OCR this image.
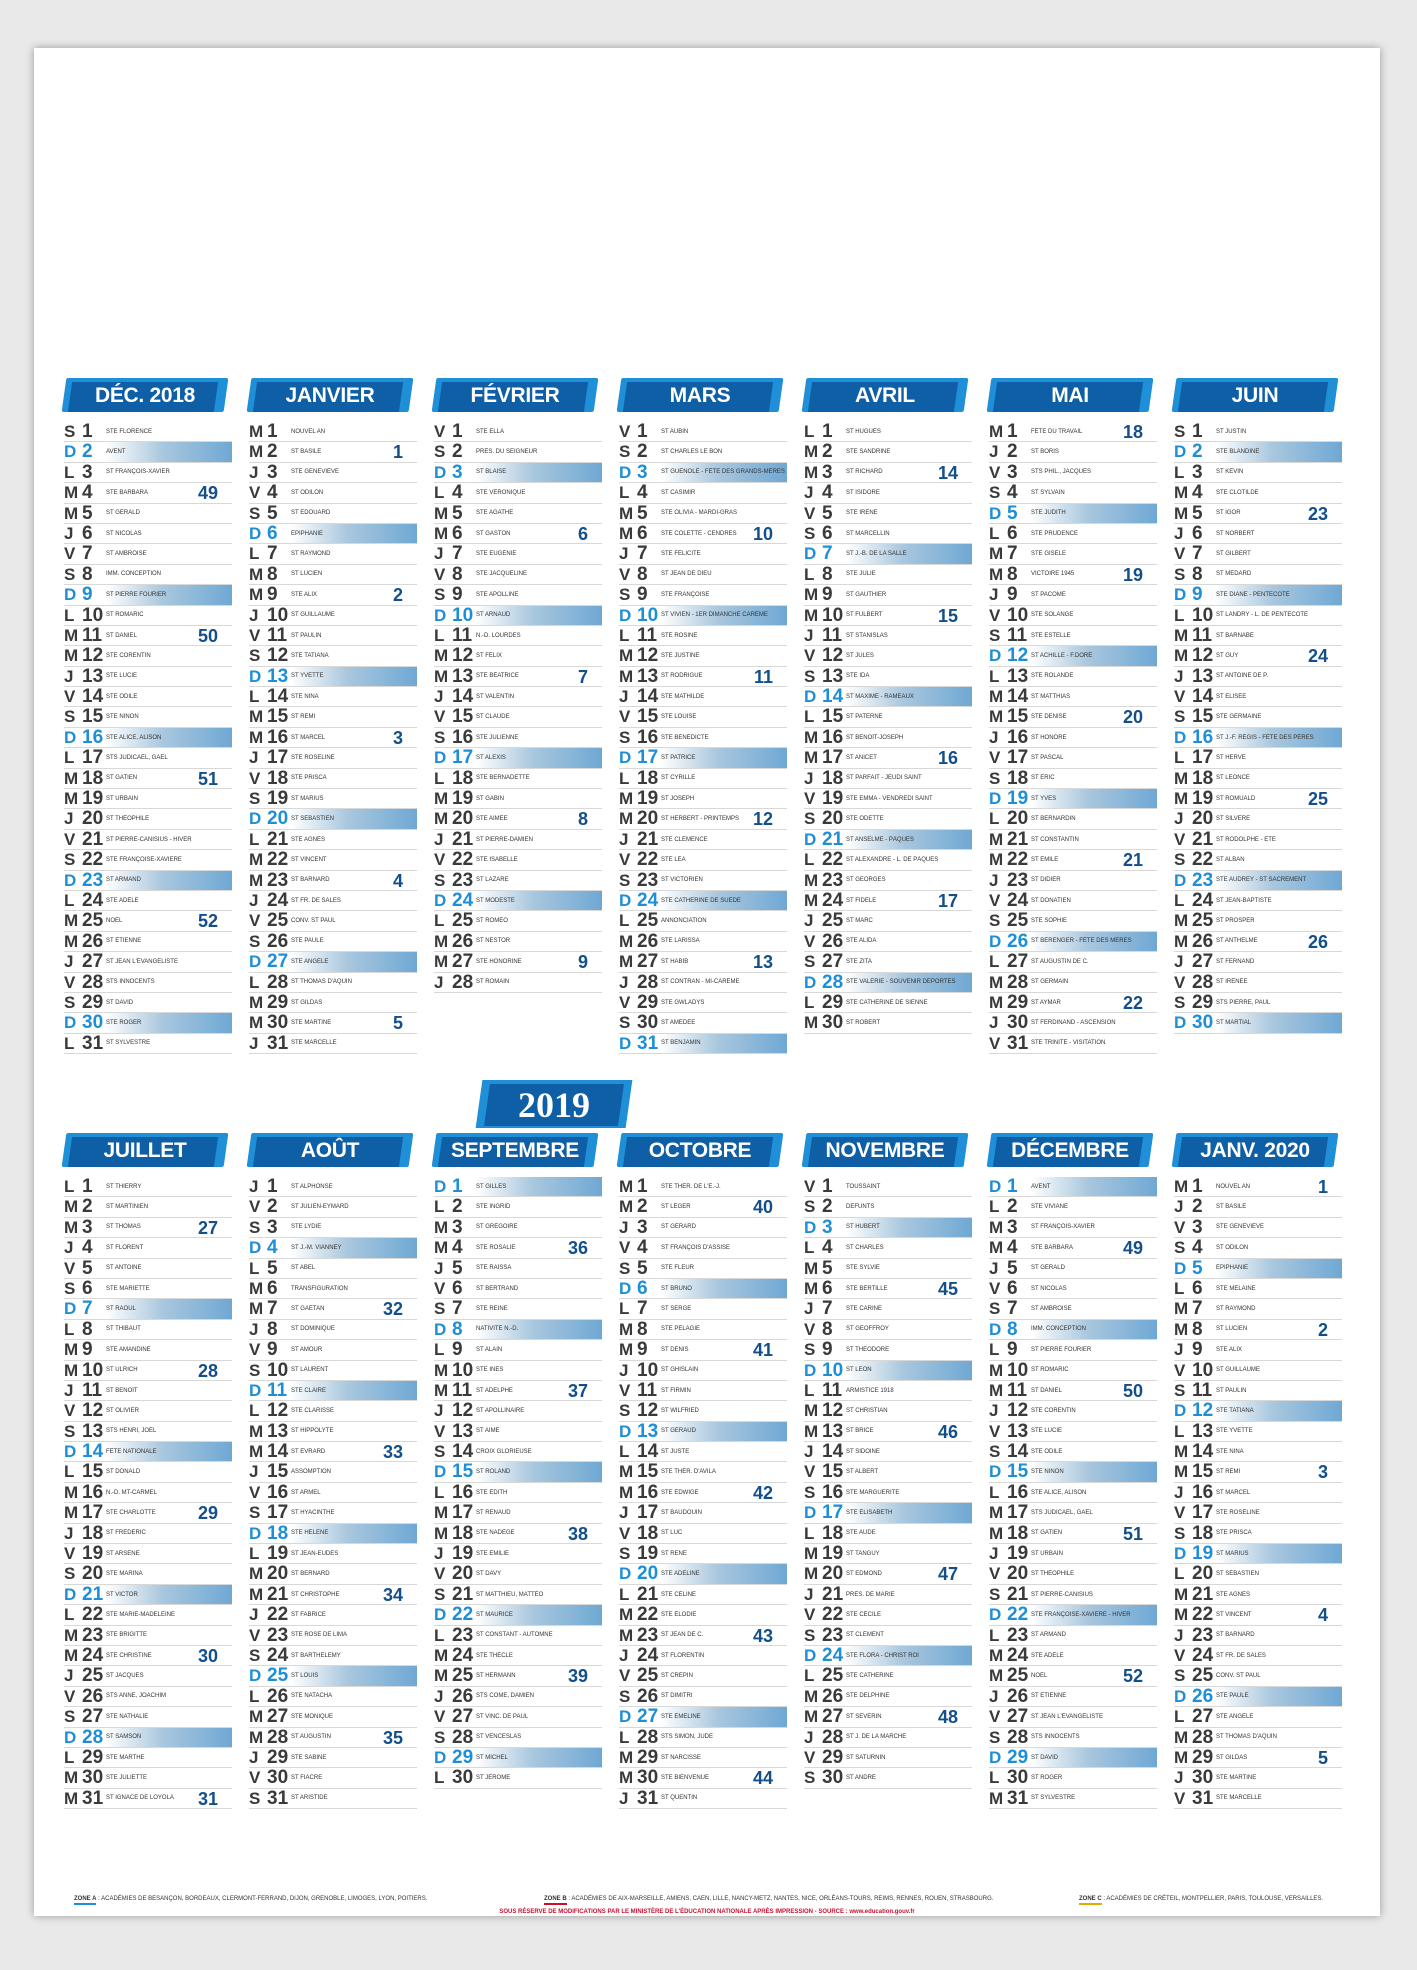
DÉC. 2018
S 1	STE FLORENCE
D 2	AVENT
L 3	ST FRANÇOIS-XAVIER
M 4	STE BARBARA	49
M 5	ST GÉRALD
J 6	ST NICOLAS
V 7	ST AMBROISE
S 8	IMM. CONCEPTION
D 9	ST PIERRE FOURIER
L 10 ST ROMARIC
M 11 ST DANIEL	50
M 12 STE CORENTIN
J 13 STE LUCIE
V 14 STE ODILE
S 15 STE NINON
D 16 STE ALICE, ALISON
L 17 STS JUDICAËL, GAËL
M 18 ST GATIEN	51
M 19 ST URBAIN
J 20 ST THÉOPHILE
V 21 ST PIERRE-CANISIUS - HIVER
S 22 STE FRANÇOISE-XAVIERE
D 23 ST ARMAND
L 24 STE ADÈLE
M 25 NOËL	52
M 26 ST ÉTIENNE
J 27 ST JEAN L'ÉVANGÉLISTE
V 28 STS INNOCENTS
S 29 ST DAVID
D 30 STE ROGER
L 31 ST SYLVESTRE
JANVIER
M 1	NOUVEL AN
M 2	ST BASILE	1
J 3	STE GENEVIÈVE
V 4	ST ODILON
S 5	ST ÉDOUARD
D 6	ÉPIPHANIE
L 7	ST RAYMOND
M 8	ST LUCIEN
M 9	STE ALIX	2
J 10 ST GUILLAUME
V 11 ST PAULIN
S 12 STE TATIANA
D 13 ST YVETTE
L 14 STE NINA
M 15 ST RÉMI
M 16 ST MARCEL	3
J 17 STE ROSELINE
V 18 STE PRISCA
S 19 ST MARIUS
D 20 ST SÉBASTIEN
L 21 STE AGNÈS
M 22 ST VINCENT
M 23 ST BARNARD	4
J 24 ST FR. DE SALES
V 25 CONV. ST PAUL
S 26 STE PAULE
D 27 STE ANGÈLE
L 28 ST THOMAS D'AQUIN
M 29 ST GILDAS
M 30 STE MARTINE	5
J 31 STE MARCELLE
FÉVRIER
V 1	STE ELLA
S 2	PRÉS. DU SEIGNEUR
D 3	ST BLAISE
L 4	STE VÉRONIQUE
M 5	STE AGATHE
M 6	ST GASTON	6
J 7	STE EUGÉNIE
V 8	STE JACQUELINE
S 9	STE APOLLINE
D 10 ST ARNAUD
L 11 N.-D. LOURDES
M 12 ST FÉLIX
M 13 STE BÉATRICE	7
J 14 ST VALENTIN
V 15 ST CLAUDE
S 16 STE JULIENNE
D 17 ST ALEXIS
L 18 STE BERNADETTE
M 19 ST GABIN
M 20 STE AIMÉE	8
J 21 ST PIERRE-DAMIEN
V 22 STE ISABELLE
S 23 ST LAZARE
D 24 ST MODESTE
L 25 ST ROMÉO
M 26 ST NESTOR
M 27 STE HONORINE	9
J 28 ST ROMAIN
MARS
V 1	ST AUBIN
S 2	ST CHARLES LE BON
D 3	ST GUÉNOLÉ - FÊTE DES GRANDS-MÈRES
L 4	ST CASIMIR
M 5	STE OLIVIA - MARDI-GRAS
M 6	STE COLETTE - CENDRES 10
J 7	STE FÉLICITÉ
V 8	ST JEAN DE DIEU
S 9	STE FRANÇOISE
D 10 ST VIVIEN - 1ER DIMANCHE CARÊME
L 11 STE ROSINE
M 12 STE JUSTINE
M 13 ST RODRIGUE	11
J 14 STE MATHILDE
V 15 STE LOUISE
S 16 STE BÉNÉDICTE
D 17 ST PATRICE
L 18 ST CYRILLE
M 19 ST JOSEPH
M 20 ST HERBERT - PRINTEMPS 12
J 21 STE CLÉMENCE
V 22 STE LÉA
S 23 ST VICTORIEN
D 24 STE CATHERINE DE SUÈDE
L 25 ANNONCIATION
M 26 STE LARISSA
M 27 ST HABIB	13
J 28 ST CONTRAN - MI-CARÊME
V 29 STE GWLADYS
S 30 ST AMÉDÉE
D 31 ST BENJAMIN
AVRIL
L 1	ST HUGUES
M 2	STE SANDRINE
M 3	ST RICHARD	14
J 4	ST ISIDORE
V 5	STE IRÈNE
S 6	ST MARCELLIN
D 7	ST J.-B. DE LA SALLE
L 8	STE JULIE
M 9	ST GAUTHIER
M 10 ST FULBERT	15
J 11 ST STANISLAS
V 12 ST JULES
S 13 STE IDA
D 14 ST MAXIME - RAMEAUX
L 15 ST PATERNE
M 16 ST BENOÎT-JOSEPH
M 17 ST ANICET	16
J 18 ST PARFAIT - JEUDI SAINT
V 19 STE EMMA - VENDREDI SAINT
S 20 STE ODETTE
D 21 ST ANSELME - PÂQUES
L 22 ST ALEXANDRE - L. DE PÂQUES
M 23 ST GEORGES
M 24 ST FIDÈLE	17
J 25 ST MARC
V 26 STE ALIDA
S 27 STE ZITA
D 28 STE VALÉRIE - SOUVENIR DÉPORTÉS
L 29 STE CATHERINE DE SIENNE
M 30 ST ROBERT
MAI
M 1	FÊTE DU TRAVAIL	18
J 2	ST BORIS
V 3	STS PHIL., JACQUES
S 4	ST SYLVAIN
D 5	STE JUDITH
L 6	STE PRUDENCE
M 7	STE GISÈLE
M 8	VICTOIRE 1945	19
J 9	ST PACÔME
V 10 STE SOLANGE
S 11 STE ESTELLE
D 12 ST ACHILLE - F.DORÉ
L 13 STE ROLANDE
M 14 ST MATTHIAS
M 15 STE DENISE	20
J 16 ST HONORÉ
V 17 ST PASCAL
S 18 ST ÉRIC
D 19 ST YVES
L 20 ST BERNARDIN
M 21 ST CONSTANTIN
M 22 ST ÉMILE	21
J 23 ST DIDIER
V 24 ST DONATIEN
S 25 STE SOPHIE
D 26 ST BÉRENGER - FÊTE DES MÈRES
L 27 ST AUGUSTIN DE C.
M 28 ST GERMAIN
M 29 ST AYMAR	22
J 30 ST FERDINAND - ASCENSION
V 31 STE TRINITÉ - VISITATION
JUIN
S 1	ST JUSTIN
D 2	STE BLANDINE
L 3	ST KÉVIN
M 4	STE CLOTILDE
M 5	ST IGOR	23
J 6	ST NORBERT
V 7	ST GILBERT
S 8	ST MÉDARD
D 9	STE DIANE - PENTECÔTE
L 10 ST LANDRY - L. DE PENTECÔTE
M 11 ST BARNABÉ
M 12 ST GUY	24
J 13 ST ANTOINE DE P.
V 14 ST ÉLISÉE
S 15 STE GERMAINE
D 16 ST J.-F. RÉGIS - FÊTE DES PÈRES
L 17 ST HERVÉ
M 18 ST LÉONCE
M 19 ST ROMUALD	25
J 20 ST SILVÈRE
V 21 ST RODOLPHE - ÉTÉ
S 22 ST ALBAN
D 23 STE AUDREY - ST SACREMENT
L 24 ST JEAN-BAPTISTE
M 25 ST PROSPER
M 26 ST ANTHELME	26
J 27 ST FERNAND
V 28 ST IRÉNÉE
S 29 STS PIERRE, PAUL
D 30 ST MARTIAL
JUILLET
L 1	ST THIERRY
M 2	ST MARTINIEN
M 3	ST THOMAS	27
J 4	ST FLORENT
V 5	ST ANTOINE
S 6	STE MARIETTE
D 7	ST RAOUL
L 8	ST THIBAUT
M 9	STE AMANDINE
M 10 ST ULRICH	28
J 11 ST BENOÎT
V 12 ST OLIVIER
S 13 STS HENRI, JOËL
D 14 FÊTE NATIONALE
L 15 ST DONALD
M 16 N.-D. MT-CARMEL
M 17 STE CHARLOTTE	29
J 18 ST FRÉDÉRIC
V 19 ST ARSÈNE
S 20 STE MARINA
D 21 ST VICTOR
L 22 STE MARIE-MADELEINE
M 23 STE BRIGITTE
M 24 STE CHRISTINE	30
J 25 ST JACQUES
V 26 STS ANNE, JOACHIM
S 27 STE NATHALIE
D 28 ST SAMSON
L 29 STE MARTHE
M 30 STE JULIETTE
M 31 ST IGNACE DE LOYOLA	31
AOÛT
J 1	ST ALPHONSE
V 2	ST JULIEN-EYMARD
S 3	STE LYDIE
D 4	ST J.-M. VIANNEY
L 5	ST ABEL
M 6	TRANSFIGURATION
M 7	ST GAËTAN	32
J 8	ST DOMINIQUE
V 9	ST AMOUR
S 10 ST LAURENT
D 11 STE CLAIRE
L 12 STE CLARISSE
M 13 ST HIPPOLYTE
M 14 ST ÉVRARD	33
J 15 ASSOMPTION
V 16 ST ARMEL
S 17 ST HYACINTHE
D 18 STE HÉLÈNE
L 19 ST JEAN-EUDES
M 20 ST BERNARD
M 21 ST CHRISTOPHE	34
J 22 ST FABRICE
V 23 STE ROSE DE LIMA
S 24 ST BARTHÉLEMY
D 25 ST LOUIS
L 26 STE NATACHA
M 27 STE MONIQUE
M 28 ST AUGUSTIN	35
J 29 STE SABINE
V 30 ST FIACRE
S 31 ST ARISTIDE
SEPTEMBRE
D 1	ST GILLES
L 2	STE INGRID
M 3	ST GRÉGOIRE
M 4	STE ROSALIE	36
J 5	STE RAÏSSA
V 6	ST BERTRAND
S 7	STE REINE
D 8	NATIVITÉ N.-D.
L 9	ST ALAIN
M 10 STE INÈS
M 11 ST ADELPHE	37
J 12 ST APOLLINAIRE
V 13 ST AIMÉ
S 14 CROIX GLORIEUSE
D 15 ST ROLAND
L 16 STE ÉDITH
M 17 ST RENAUD
M 18 STE NADÈGE	38
J 19 STE ÉMILIE
V 20 ST DAVY
S 21 ST MATTHIEU, MATTÉO
D 22 ST MAURICE
L 23 ST CONSTANT - AUTOMNE
M 24 STE THÈCLE
M 25 ST HERMANN	39
J 26 STS CÔME, DAMIEN
V 27 ST VINC. DE PAUL
S 28 ST VENCESLAS
D 29 ST MICHEL
L 30 ST JÉRÔME
OCTOBRE
M 1	STE THÉR. DE L'E.-J.
M 2	ST LÉGER	40
J 3	ST GÉRARD
V 4	ST FRANÇOIS D'ASSISE
S 5	STE FLEUR
D 6	ST BRUNO
L 7	ST SERGE
M 8	STE PÉLAGIE
M 9	ST DENIS	41
J 10 ST GHISLAIN
V 11 ST FIRMIN
S 12 ST WILFRIED
D 13 ST GÉRAUD
L 14 ST JUSTE
M 15 STE THÉR. D'AVILA
M 16 STE EDWIGE	42
J 17 ST BAUDOUIN
V 18 ST LUC
S 19 ST RENÉ
D 20 STE ADELINE
L 21 STE CÉLINE
M 22 STE ÉLODIE
M 23 ST JEAN DE C.	43
J 24 ST FLORENTIN
V 25 ST CRÉPIN
S 26 ST DIMITRI
D 27 STE ÉMELINE
L 28 STS SIMON, JUDE
M 29 ST NARCISSE
M 30 STE BIENVENUE	44
J 31 ST QUENTIN
NOVEMBRE
V 1	TOUSSAINT
S 2	DÉFUNTS
D 3	ST HUBERT
L 4	ST CHARLES
M 5	STE SYLVIE
M 6	STE BERTILLE	45
J 7	STE CARINE
V 8	ST GEOFFROY
S 9	ST THÉODORE
D 10 ST LÉON
L 11 ARMISTICE 1918
M 12 ST CHRISTIAN
M 13 ST BRICE	46
J 14 ST SIDOINE
V 15 ST ALBERT
S 16 STE MARGUERITE
D 17 STE ÉLISABETH
L 18 STE AUDE
M 19 ST TANGUY
M 20 ST EDMOND	47
J 21 PRÉS. DE MARIE
V 22 STE CÉCILE
S 23 ST CLÉMENT
D 24 STE FLORA - CHRIST ROI
L 25 STE CATHERINE
M 26 STE DELPHINE
M 27 ST SÉVERIN	48
J 28 ST J. DE LA MARCHE
V 29 ST SATURNIN
S 30 ST ANDRÉ
DÉCEMBRE
D 1	AVENT
L 2	STE VIVIANE
M 3	ST FRANÇOIS-XAVIER
M 4	STE BARBARA	49
J 5	ST GÉRALD
V 6	ST NICOLAS
S 7	ST AMBROISE
D 8	IMM. CONCEPTION
L 9	ST PIERRE FOURIER
M 10 ST ROMARIC
M 11 ST DANIEL	50
J 12 STE CORENTIN
V 13 STE LUCIE
S 14 STE ODILE
D 15 STE NINON
L 16 STE ALICE, ALISON
M 17 STS JUDICAËL, GAËL
M 18 ST GATIEN	51
J 19 ST URBAIN
V 20 ST THÉOPHILE
S 21 ST PIERRE-CANISIUS
D 22 STE FRANÇOISE-XAVIÈRE - HIVER
L 23 ST ARMAND
M 24 STE ADÈLE
M 25 NOËL	52
J 26 ST ÉTIENNE
V 27 ST JEAN L'ÉVANGÉLISTE
S 28 STS INNOCENTS
D 29 ST DAVID
L 30 ST ROGER
M 31 ST SYLVESTRE
JANV. 2020
M 1	NOUVEL AN	1
J 2	ST BASILE
V 3	STE GENEVIÈVE
S 4	ST ODILON
D 5	ÉPIPHANIE
L 6	STE MÉLAINE
M 7	ST RAYMOND
M 8	ST LUCIEN	2
J 9	STE ALIX
V 10 ST GUILLAUME
S 11 ST PAULIN
D 12 STE TATIANA
L 13 STE YVETTE
M 14 STE NINA
M 15 ST RÉMI	3
J 16 ST MARCEL
V 17 STE ROSELINE
S 18 STE PRISCA
D 19 ST MARIUS
L 20 ST SÉBASTIEN
M 21 STE AGNÈS
M 22 ST VINCENT	4
J 23 ST BARNARD
V 24 ST FR. DE SALES
S 25 CONV. ST PAUL
D 26 STE PAULE
L 27 STE ANGÈLE
M 28 ST THOMAS D'AQUIN
M 29 ST GILDAS	5
J 30 STE MARTINE
V 31 STE MARCELLE
2019
ZONE A : ACADÉMIES DE BESANÇON, BORDEAUX, CLERMONT-FERRAND, DIJON, GRENOBLE, LIMOGES, LYON, POITIERS.	ZONE B : ACADÉMIES DE AIX-MARSEILLE, AMIENS, CAEN, LILLE, NANCY-METZ, NANTES, NICE, ORLÉANS-TOURS, REIMS, RENNES, ROUEN, STRASBOURG.	ZONE C : ACADÉMIES DE CRÉTEIL, MONTPELLIER, PARIS, TOULOUSE, VERSAILLES.
SOUS RÉSERVE DE MODIFICATIONS PAR LE MINISTÈRE DE L'ÉDUCATION NATIONALE APRÈS IMPRESSION - SOURCE : www.education.gouv.fr
